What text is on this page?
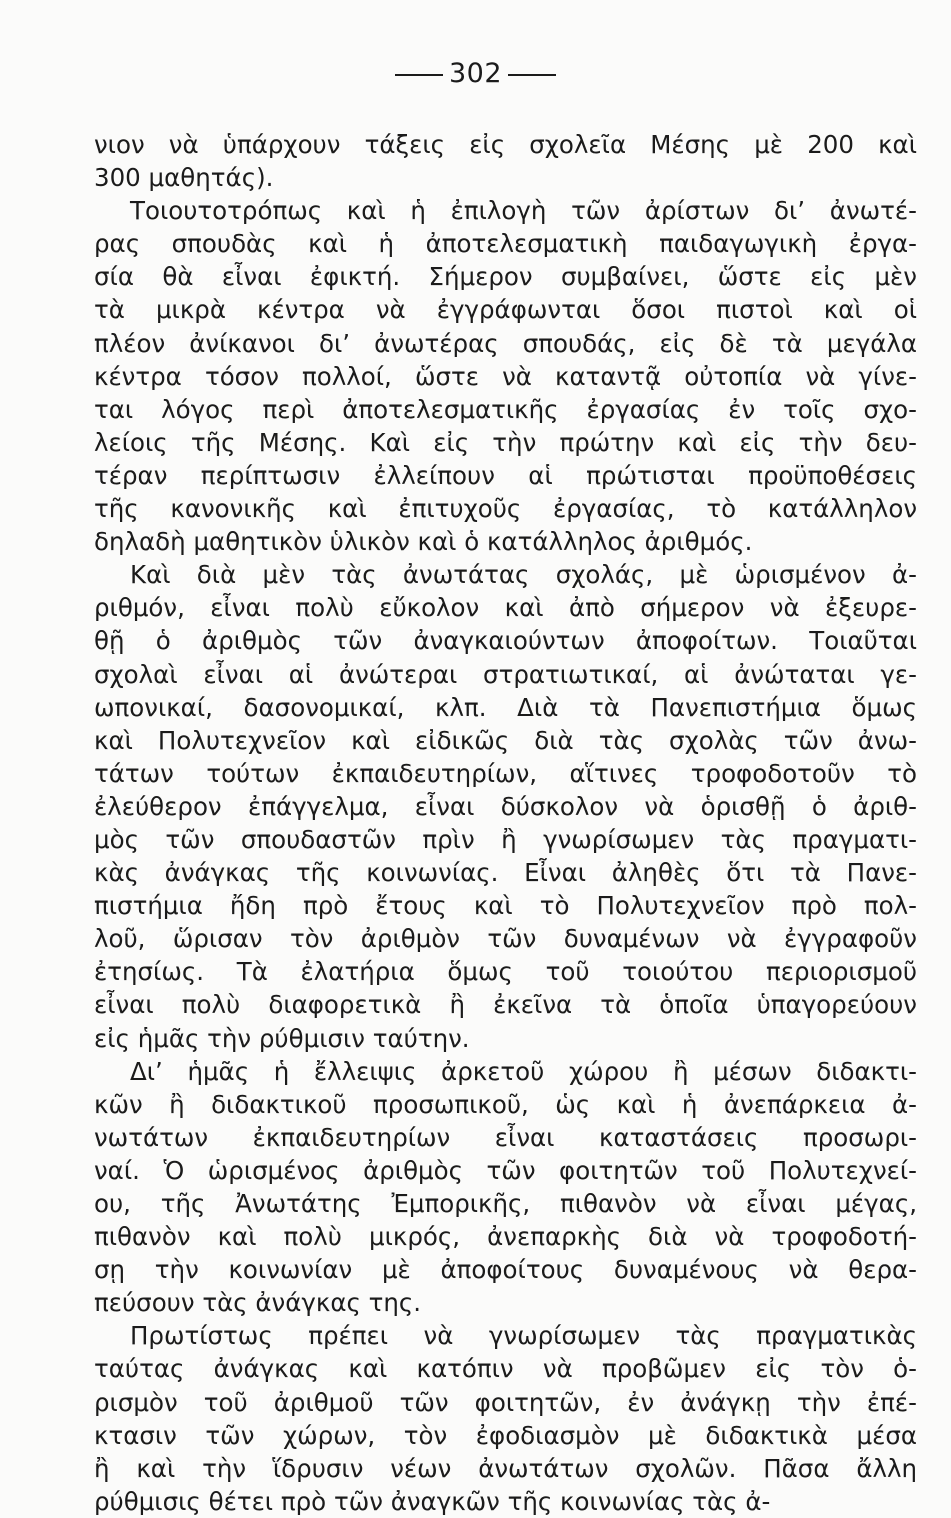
302
νιον νὰ ὑπάρχουν τάξεις εἰς σχολεῖα Μέσης μὲ 200 καὶ
300 μαθητάς).
Τοιουτοτρόπως καὶ ἡ ἐπιλογὴ τῶν ἀρίστων δι’ ἀνωτέ-
ρας σπουδὰς καὶ ἡ ἀποτελεσματικὴ παιδαγωγικὴ ἐργα-
σία θὰ εἶναι ἐφικτή. Σήμερον συμβαίνει, ὥστε εἰς μὲν
τὰ μικρὰ κέντρα νὰ ἐγγράφωνται ὅσοι πιστοὶ καὶ οἱ
πλέον ἀνίκανοι δι’ ἀνωτέρας σπουδάς, εἰς δὲ τὰ μεγάλα
κέντρα τόσον πολλοί, ὥστε νὰ καταντᾷ οὐτοπία νὰ γίνε-
ται λόγος περὶ ἀποτελεσματικῆς ἐργασίας ἐν τοῖς σχο-
λείοις τῆς Μέσης. Καὶ εἰς τὴν πρώτην καὶ εἰς τὴν δευ-
τέραν περίπτωσιν ἐλλείπουν αἱ πρώτισται προϋποθέσεις
τῆς κανονικῆς καὶ ἐπιτυχοῦς ἐργασίας, τὸ κατάλληλον
δηλαδὴ μαθητικὸν ὑλικὸν καὶ ὁ κατάλληλος ἀριθμός.
Καὶ διὰ μὲν τὰς ἀνωτάτας σχολάς, μὲ ὡρισμένον ἀ-
ριθμόν, εἶναι πολὺ εὔκολον καὶ ἀπὸ σήμερον νὰ ἐξευρε-
θῇ ὁ ἀριθμὸς τῶν ἀναγκαιούντων ἀποφοίτων. Τοιαῦται
σχολαὶ εἶναι αἱ ἀνώτεραι στρατιωτικαί, αἱ ἀνώταται γε-
ωπονικαί, δασονομικαί, κλπ. Διὰ τὰ Πανεπιστήμια ὅμως
καὶ Πολυτεχνεῖον καὶ εἰδικῶς διὰ τὰς σχολὰς τῶν ἀνω-
τάτων τούτων ἐκπαιδευτηρίων, αἵτινες τροφοδοτοῦν τὸ
ἐλεύθερον ἐπάγγελμα, εἶναι δύσκολον νὰ ὁρισθῇ ὁ ἀριθ-
μὸς τῶν σπουδαστῶν πρὶν ἢ γνωρίσωμεν τὰς πραγματι-
κὰς ἀνάγκας τῆς κοινωνίας. Εἶναι ἀληθὲς ὅτι τὰ Πανε-
πιστήμια ἤδη πρὸ ἔτους καὶ τὸ Πολυτεχνεῖον πρὸ πολ-
λοῦ, ὥρισαν τὸν ἀριθμὸν τῶν δυναμένων νὰ ἐγγραφοῦν
ἐτησίως. Τὰ ἐλατήρια ὅμως τοῦ τοιούτου περιορισμοῦ
εἶναι πολὺ διαφορετικὰ ἢ ἐκεῖνα τὰ ὁποῖα ὑπαγορεύουν
εἰς ἡμᾶς τὴν ρύθμισιν ταύτην.
Δι’ ἡμᾶς ἡ ἔλλειψις ἀρκετοῦ χώρου ἢ μέσων διδακτι-
κῶν ἢ διδακτικοῦ προσωπικοῦ, ὡς καὶ ἡ ἀνεπάρκεια ἀ-
νωτάτων ἐκπαιδευτηρίων εἶναι καταστάσεις προσωρι-
ναί. Ὁ ὡρισμένος ἀριθμὸς τῶν φοιτητῶν τοῦ Πολυτεχνεί-
ου, τῆς Ἀνωτάτης Ἐμπορικῆς, πιθανὸν νὰ εἶναι μέγας,
πιθανὸν καὶ πολὺ μικρός, ἀνεπαρκὴς διὰ νὰ τροφοδοτή-
σῃ τὴν κοινωνίαν μὲ ἀποφοίτους δυναμένους νὰ θερα-
πεύσουν τὰς ἀνάγκας της.
Πρωτίστως πρέπει νὰ γνωρίσωμεν τὰς πραγματικὰς
ταύτας ἀνάγκας καὶ κατόπιν νὰ προβῶμεν εἰς τὸν ὁ-
ρισμὸν τοῦ ἀριθμοῦ τῶν φοιτητῶν, ἐν ἀνάγκῃ τὴν ἐπέ-
κτασιν τῶν χώρων, τὸν ἐφοδιασμὸν μὲ διδακτικὰ μέσα
ἢ καὶ τὴν ἵδρυσιν νέων ἀνωτάτων σχολῶν. Πᾶσα ἄλλη
ρύθμισις θέτει πρὸ τῶν ἀναγκῶν τῆς κοινωνίας τὰς ἀ-
